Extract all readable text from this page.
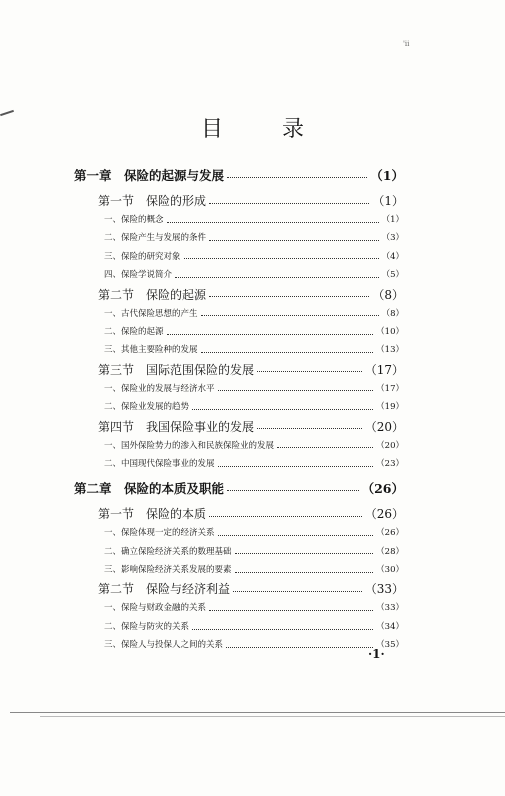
'ii
目 录
第一章　保险的起源与发展	（1）
第一节　保险的形成	（1）
一、保险的概念	（1）
二、保险产生与发展的条件	（3）
三、保险的研究对象	（4）
四、保险学说简介	（5）
第二节　保险的起源	（8）
一、古代保险思想的产生	（8）
二、保险的起源	（10）
三、其他主要险种的发展	（13）
第三节　国际范围保险的发展	（17）
一、保险业的发展与经济水平	（17）
二、保险业发展的趋势	（19）
第四节　我国保险事业的发展	（20）
一、国外保险势力的渗入和民族保险业的发展	（20）
二、中国现代保险事业的发展	（23）
第二章　保险的本质及职能	（26）
第一节　保险的本质	（26）
一、保险体现一定的经济关系	（26）
二、确立保险经济关系的数理基础	（28）
三、影响保险经济关系发展的要素	（30）
第二节　保险与经济利益	（33）
一、保险与财政金融的关系	（33）
二、保险与防灾的关系	（34）
三、保险人与投保人之间的关系	（35）
·1·
